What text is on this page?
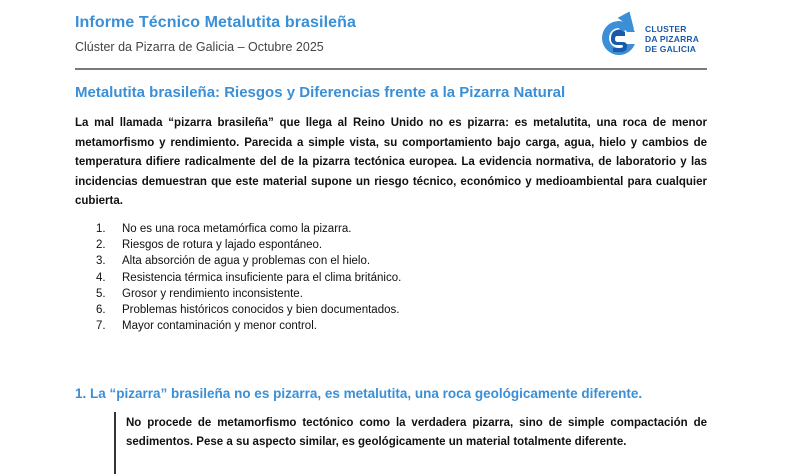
Informe Técnico Metalutita brasileña
Clúster da Pizarra de Galicia – Octubre 2025
CLUSTER
DA PIZARRA
DE GALICIA
Metalutita brasileña: Riesgos y Diferencias frente a la Pizarra Natural

La mal llamada “pizarra brasileña” que llega al Reino Unido no es pizarra: es metalutita, una roca de menor metamorfismo y rendimiento. Parecida a simple vista, su comportamiento bajo carga, agua, hielo y cambios de temperatura difiere radicalmente del de la pizarra tectónica europea. La evidencia normativa, de laboratorio y las incidencias demuestran que este material supone un riesgo técnico, económico y medioambiental para cualquier cubierta.

1.	No es una roca metamórfica como la pizarra.
2.	Riesgos de rotura y lajado espontáneo.
3.	Alta absorción de agua y problemas con el hielo.
4.	Resistencia térmica insuficiente para el clima británico.
5.	Grosor y rendimiento inconsistente.
6.	Problemas históricos conocidos y bien documentados.
7.	Mayor contaminación y menor control.
1. La “pizarra” brasileña no es pizarra, es metalutita, una roca geológicamente diferente.
No procede de metamorfismo tectónico como la verdadera pizarra, sino de simple compactación de sedimentos. Pese a su aspecto similar, es geológicamente un material totalmente diferente.
